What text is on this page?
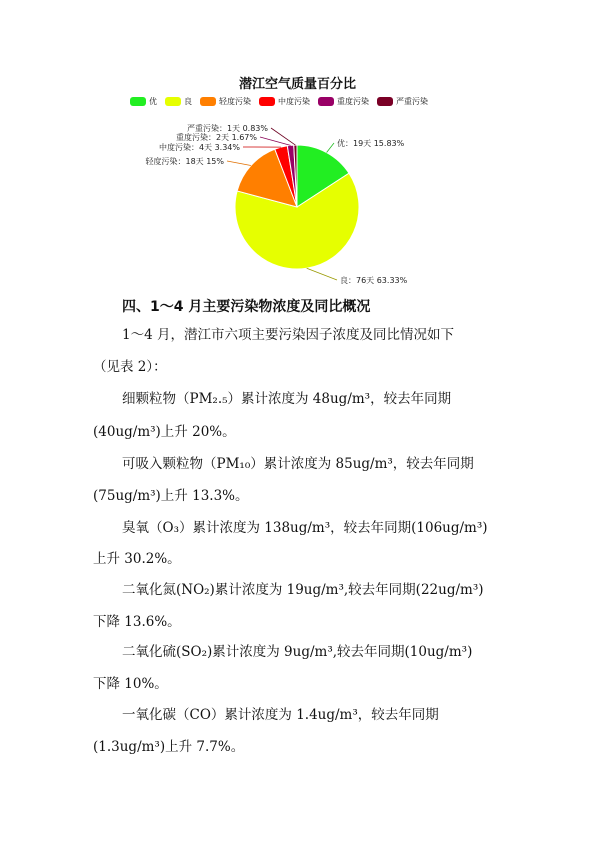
潜江空气质量百分比
优	良	轻度污染	中度污染	重度污染	严重污染
优：19天 15.83%
良：76天 63.33%
轻度污染：18天 15%
中度污染：4天 3.34%
重度污染：2天 1.67%
严重污染：1天 0.83%
四、1～4 月主要污染物浓度及同比概况
1～4 月，潜江市六项主要污染因子浓度及同比情况如下
（见表 2）：
细颗粒物（PM₂.₅）累计浓度为 48ug/m³，较去年同期
(40ug/m³)上升 20%。
可吸入颗粒物（PM₁₀）累计浓度为 85ug/m³，较去年同期
(75ug/m³)上升 13.3%。
臭氧（O₃）累计浓度为 138ug/m³，较去年同期(106ug/m³)
上升 30.2%。
二氧化氮(NO₂)累计浓度为 19ug/m³,较去年同期(22ug/m³)
下降 13.6%。
二氧化硫(SO₂)累计浓度为 9ug/m³,较去年同期(10ug/m³)
下降 10%。
一氧化碳（CO）累计浓度为 1.4ug/m³，较去年同期
(1.3ug/m³)上升 7.7%。
